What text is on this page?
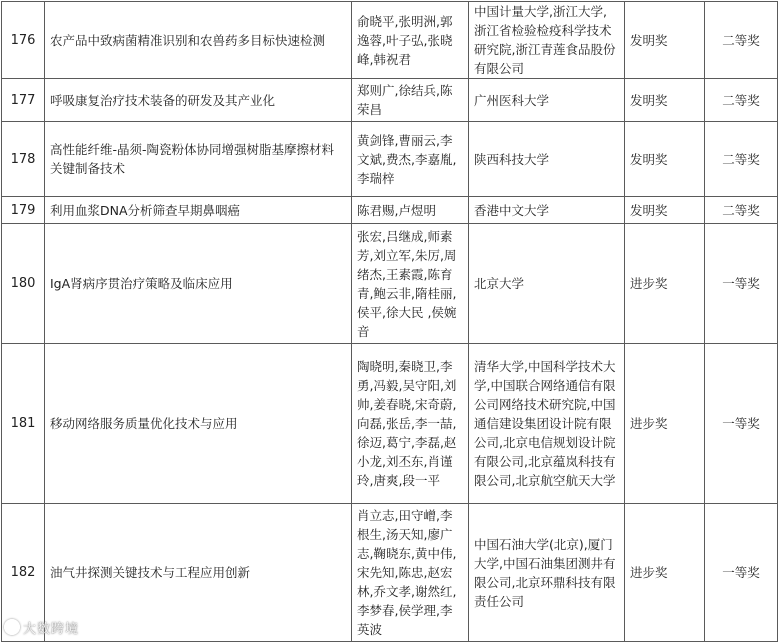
176	农产品中致病菌精准识别和农兽药多目标快速检测	俞晓平,张明洲,郭逸蓉,叶子弘,张晓峰,韩祝君	中国计量大学,浙江大学,浙江省检验检疫科学技术研究院,浙江青莲食品股份有限公司	发明奖	二等奖
177	呼吸康复治疗技术装备的研发及其产业化	郑则广,徐结兵,陈荣昌	广州医科大学	发明奖	二等奖
178	高性能纤维-晶须-陶瓷粉体协同增强树脂基摩擦材料关键制备技术	黄剑锋,曹丽云,李文斌,费杰,李嘉胤,李瑞梓	陕西科技大学	发明奖	二等奖
179	利用血浆DNA分析筛查早期鼻咽癌	陈君赐,卢煜明	香港中文大学	发明奖	二等奖
180	IgA肾病序贯治疗策略及临床应用	张宏,吕继成,师素芳,刘立军,朱厉,周绪杰,王素霞,陈育青,鲍云非,隋桂丽,侯平,徐大民 ,侯婉音	北京大学	进步奖	一等奖
181	移动网络服务质量优化技术与应用	陶晓明,秦晓卫,李勇,冯毅,吴守阳,刘帅,姜春晓,宋奇蔚,向磊,张岳,李一喆,徐迈,葛宁,李磊,赵小龙,刘丕东,肖谨玲,唐爽,段一平	清华大学,中国科学技术大学,中国联合网络通信有限公司网络技术研究院,中国通信建设集团设计院有限公司,北京电信规划设计院有限公司,北京蕴岚科技有限公司,北京航空航天大学	进步奖	一等奖
182	油气井探测关键技术与工程应用创新	肖立志,田守嶒,李根生,汤天知,廖广志,鞠晓东,黄中伟,宋先知,陈忠,赵宏林,乔文孝,谢然红,李梦春,侯学理,李英波	中国石油大学(北京),厦门大学,中国石油集团测井有限公司,北京环鼎科技有限责任公司	进步奖	一等奖
大数跨境
